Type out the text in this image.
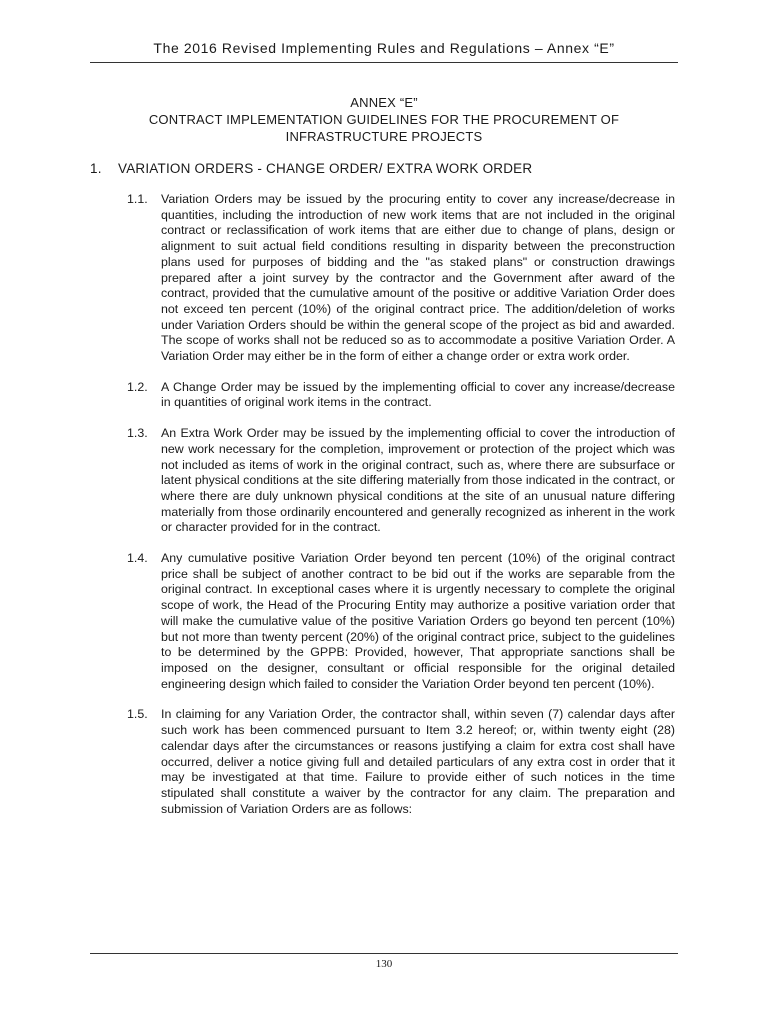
The 2016 Revised Implementing Rules and Regulations – Annex “E”
ANNEX “E”
CONTRACT IMPLEMENTATION GUIDELINES FOR THE PROCUREMENT OF
INFRASTRUCTURE PROJECTS
1. VARIATION ORDERS - CHANGE ORDER/ EXTRA WORK ORDER
1.1. Variation Orders may be issued by the procuring entity to cover any increase/decrease in quantities, including the introduction of new work items that are not included in the original contract or reclassification of work items that are either due to change of plans, design or alignment to suit actual field conditions resulting in disparity between the preconstruction plans used for purposes of bidding and the "as staked plans" or construction drawings prepared after a joint survey by the contractor and the Government after award of the contract, provided that the cumulative amount of the positive or additive Variation Order does not exceed ten percent (10%) of the original contract price. The addition/deletion of works under Variation Orders should be within the general scope of the project as bid and awarded. The scope of works shall not be reduced so as to accommodate a positive Variation Order. A Variation Order may either be in the form of either a change order or extra work order.
1.2. A Change Order may be issued by the implementing official to cover any increase/decrease in quantities of original work items in the contract.
1.3. An Extra Work Order may be issued by the implementing official to cover the introduction of new work necessary for the completion, improvement or protection of the project which was not included as items of work in the original contract, such as, where there are subsurface or latent physical conditions at the site differing materially from those indicated in the contract, or where there are duly unknown physical conditions at the site of an unusual nature differing materially from those ordinarily encountered and generally recognized as inherent in the work or character provided for in the contract.
1.4. Any cumulative positive Variation Order beyond ten percent (10%) of the original contract price shall be subject of another contract to be bid out if the works are separable from the original contract. In exceptional cases where it is urgently necessary to complete the original scope of work, the Head of the Procuring Entity may authorize a positive variation order that will make the cumulative value of the positive Variation Orders go beyond ten percent (10%) but not more than twenty percent (20%) of the original contract price, subject to the guidelines to be determined by the GPPB: Provided, however, That appropriate sanctions shall be imposed on the designer, consultant or official responsible for the original detailed engineering design which failed to consider the Variation Order beyond ten percent (10%).
1.5. In claiming for any Variation Order, the contractor shall, within seven (7) calendar days after such work has been commenced pursuant to Item 3.2 hereof; or, within twenty eight (28) calendar days after the circumstances or reasons justifying a claim for extra cost shall have occurred, deliver a notice giving full and detailed particulars of any extra cost in order that it may be investigated at that time. Failure to provide either of such notices in the time stipulated shall constitute a waiver by the contractor for any claim. The preparation and submission of Variation Orders are as follows:
130
